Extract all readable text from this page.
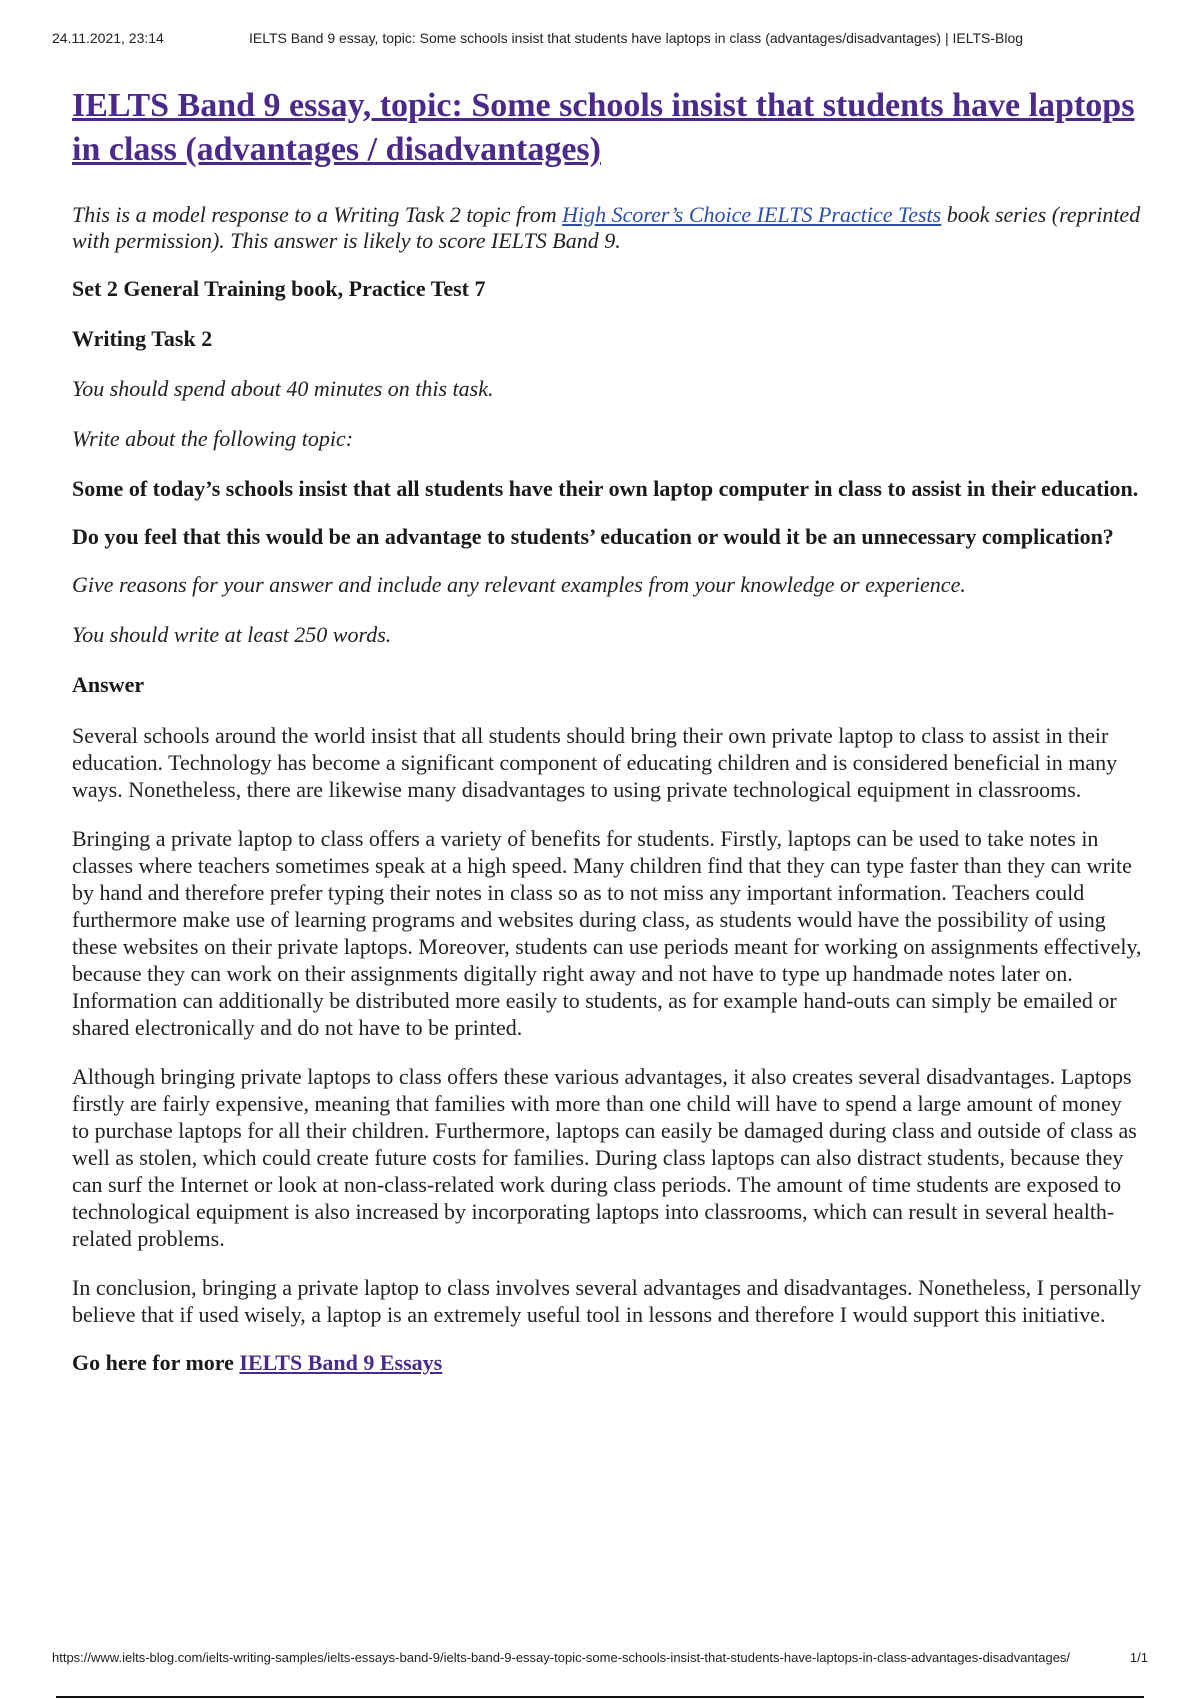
24.11.2021, 23:14	IELTS Band 9 essay, topic: Some schools insist that students have laptops in class (advantages/disadvantages) | IELTS-Blog
IELTS Band 9 essay, topic: Some schools insist that students have laptops in class (advantages / disadvantages)

This is a model response to a Writing Task 2 topic from High Scorer’s Choice IELTS Practice Tests book series (reprinted with permission). This answer is likely to score IELTS Band 9.

Set 2 General Training book, Practice Test 7

Writing Task 2

You should spend about 40 minutes on this task.

Write about the following topic:

Some of today’s schools insist that all students have their own laptop computer in class to assist in their education.

Do you feel that this would be an advantage to students’ education or would it be an unnecessary complication?

Give reasons for your answer and include any relevant examples from your knowledge or experience.

You should write at least 250 words.

Answer

Several schools around the world insist that all students should bring their own private laptop to class to assist in their education. Technology has become a significant component of educating children and is considered beneficial in many ways. Nonetheless, there are likewise many disadvantages to using private technological equipment in classrooms.

Bringing a private laptop to class offers a variety of benefits for students. Firstly, laptops can be used to take notes in classes where teachers sometimes speak at a high speed. Many children find that they can type faster than they can write by hand and therefore prefer typing their notes in class so as to not miss any important information. Teachers could furthermore make use of learning programs and websites during class, as students would have the possibility of using these websites on their private laptops. Moreover, students can use periods meant for working on assignments effectively, because they can work on their assignments digitally right away and not have to type up handmade notes later on. Information can additionally be distributed more easily to students, as for example hand-outs can simply be emailed or shared electronically and do not have to be printed.

Although bringing private laptops to class offers these various advantages, it also creates several disadvantages. Laptops firstly are fairly expensive, meaning that families with more than one child will have to spend a large amount of money to purchase laptops for all their children. Furthermore, laptops can easily be damaged during class and outside of class as well as stolen, which could create future costs for families. During class laptops can also distract students, because they can surf the Internet or look at non-class-related work during class periods. The amount of time students are exposed to technological equipment is also increased by incorporating laptops into classrooms, which can result in several health-related problems.

In conclusion, bringing a private laptop to class involves several advantages and disadvantages. Nonetheless, I personally believe that if used wisely, a laptop is an extremely useful tool in lessons and therefore I would support this initiative.

Go here for more IELTS Band 9 Essays

https://www.ielts-blog.com/ielts-writing-samples/ielts-essays-band-9/ielts-band-9-essay-topic-some-schools-insist-that-students-have-laptops-in-class-advantages-disadvantages/	1/1
